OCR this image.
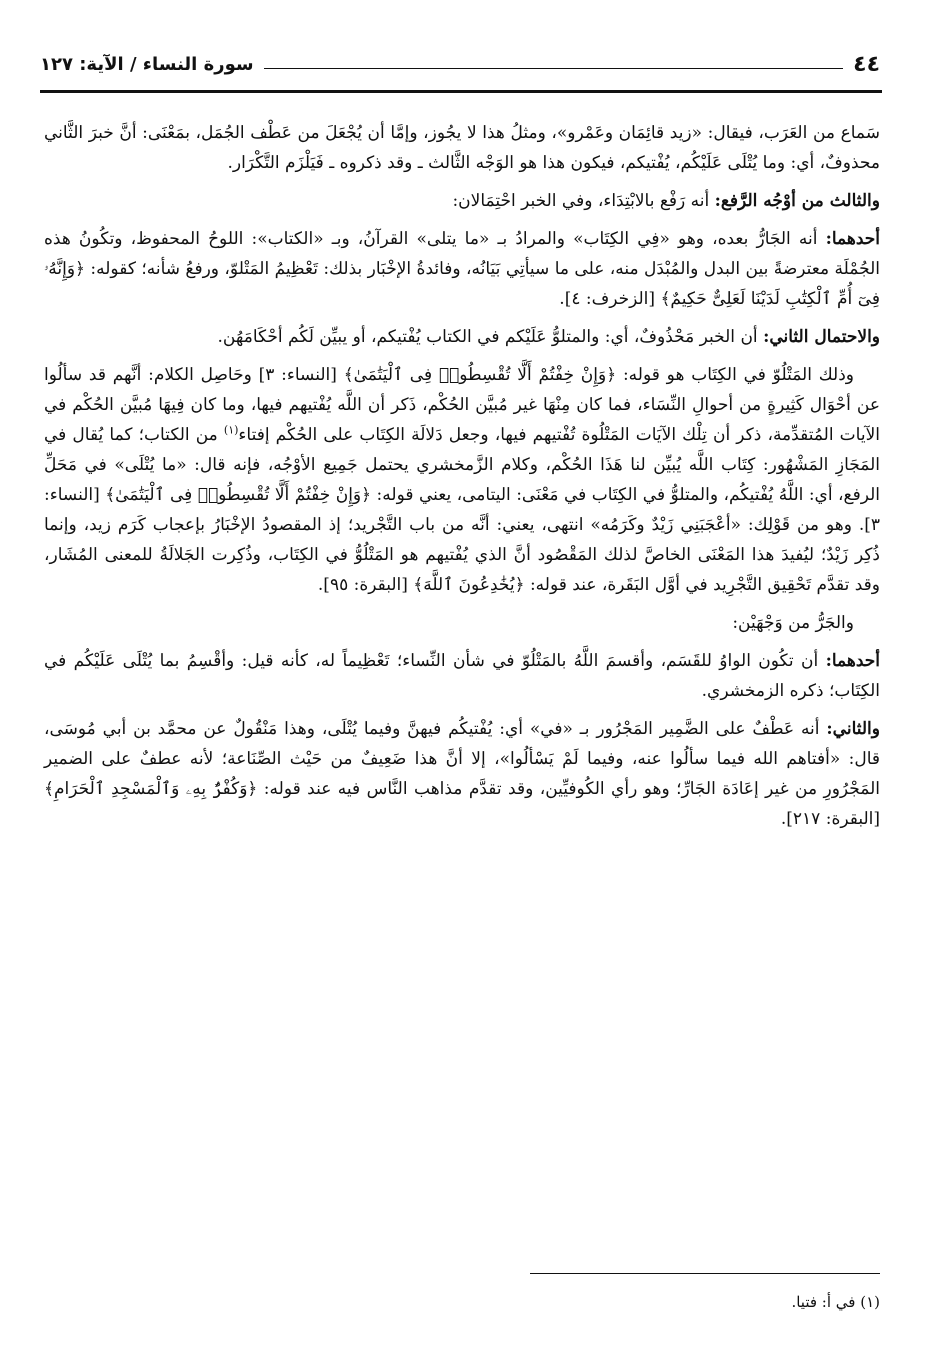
٤٤
سورة النساء / الآية: ١٢٧

سَماع من العَرَب، فيقال: «زيد قائِمَان وعَمْرو»، ومثلُ هذا لا يجُوز، وإمَّا أن يُجْعَلَ من عَطْف الجُمَل، بمَعْنَى: أنَّ خبرَ الثَّاني محذوفٌ، أي: وما يُتْلَى عَلَيْكُم، يُفْتيكم، فيكون هذا هو الوَجْه الثَّالث ـ وقد ذكروه ـ فَيَلْزَم التَّكْرَار.

والثالث من أوْجُه الرَّفع: أنه رَفْع بالابْتِدَاء، وفي الخبر احْتِمَالان:

أحدهما: أنه الجَارُّ بعده، وهو «فِي الكِتَاب» والمرادُ بـ «ما يتلى» القرآنُ، وبـ «الكتاب»: اللوحُ المحفوظ، وتكُونُ هذه الجُمْلَة معترضةً بين البدل والمُبْدَل منه، على ما سيأتِي بَيَانُه، وفائدةُ الإخْبَار بذلك: تَعْظِيمُ المَتْلوّ، ورفعُ شأنه؛ كقوله: ﴿وَإِنَّهُۥ فِىٓ أُمِّ ٱلْكِتَٰبِ لَدَيْنَا لَعَلِىٌّ حَكِيمٌ﴾ [الزخرف: ٤].

والاحتمال الثاني: أن الخبر مَحْذُوفٌ، أي: والمتلوُّ عَلَيْكم في الكتاب يُفْتيكم، أو يبيِّن لَكُم أحْكَامَهُن.

وذلك المَتْلُوّ في الكِتَاب هو قوله: ﴿وَإِنْ خِفْتُمْ أَلَّا تُقْسِطُوا۟ فِى ٱلْيَتَٰمَىٰ﴾ [النساء: ٣] وحَاصِل الكلام: أنَّهم قد سألُوا عن أحْوَال كَثِيرةٍ من أحوالِ النِّسَاء، فما كان مِنْهَا غير مُبيَّن الحُكْم، ذَكر أن اللَّه يُفْتيهم فيها، وما كان فِيهَا مُبيَّن الحُكْم في الآيات المُتقدِّمة، ذكر أن تِلْك الآيَات المَتْلُوة تُفْتيهم فيها، وجعل دَلالَة الكِتَاب على الحُكْم إفتاء$^{(١)}$ من الكتاب؛ كما يُقال في المَجَازِ المَشْهُور: كِتَاب اللَّه يُبيِّن لنا هَذَا الحُكْم، وكلام الزَّمخشري يحتمل جَمِيع الأوْجُه، فإنه قال: «ما يُتْلَى» في مَحَلِّ الرفع، أي: اللَّهُ يُفْتيكُم، والمتلوُّ في الكِتَاب في مَعْنَى: اليتامى، يعني قوله: ﴿وَإِنْ خِفْتُمْ أَلَّا تُقْسِطُوا۟ فِى ٱلْيَتَٰمَىٰ﴾ [النساء: ٣]. وهو من قَوْلِك: «أعْجَبَنِي زَيْدٌ وكَرَمُه» انتهى، يعني: أنَّه من باب التَّجْريد؛ إذ المقصودُ الإخْبَارُ بإعجاب كَرَم زيد، وإنما ذُكِر زَيْدٌ؛ ليُفيدَ هذا المَعْنَى الخاصَّ لذلك المَقْصُود أنَّ الذي يُفْتيهم هو المَتْلُوُّ في الكِتَاب، وذُكِرت الجَلالَةُ للمعنى المُشَار، وقد تقدَّم تَحْقِيق التَّجْرِيد في أوَّل البَقَرة، عند قوله: ﴿يُخَٰدِعُونَ ٱللَّهَ﴾ [البقرة: ٩٥].

والجَرُّ من وَجْهَيْن:

أحدهما: أن تكُون الواوُ للقَسَم، وأقسمَ اللَّهُ بالمَتْلُوّ في شأن النِّساء؛ تَعْظِيماً له، كأنه قيل: وأقْسِمُ بما يُتْلَى عَلَيْكُم في الكِتَاب؛ ذكره الزمخشري.

والثاني: أنه عَطْفٌ على الضَّمِير المَجْرُور بـ «في» أي: يُفْتيكُم فيهنَّ وفيما يُتْلَى، وهذا مَنْقُولٌ عن محمَّد بن أبي مُوسَى، قال: «أفتاهم الله فيما سألُوا عنه، وفيما لَمْ يَسْألُوا»، إلا أنَّ هذا ضَعِيفٌ من حَيْث الصِّنَاعة؛ لأنه عطفٌ على الضمير المَجْرُورِ من غير إعَادَة الجَارِّ؛ وهو رأي الكُوفيِّين، وقد تقدَّم مذاهب النَّاس فيه عند قوله: ﴿وَكُفْرٌۢ بِهِۦ وَٱلْمَسْجِدِ ٱلْحَرَامِ﴾ [البقرة: ٢١٧].

(١) في أ: فتيا.
